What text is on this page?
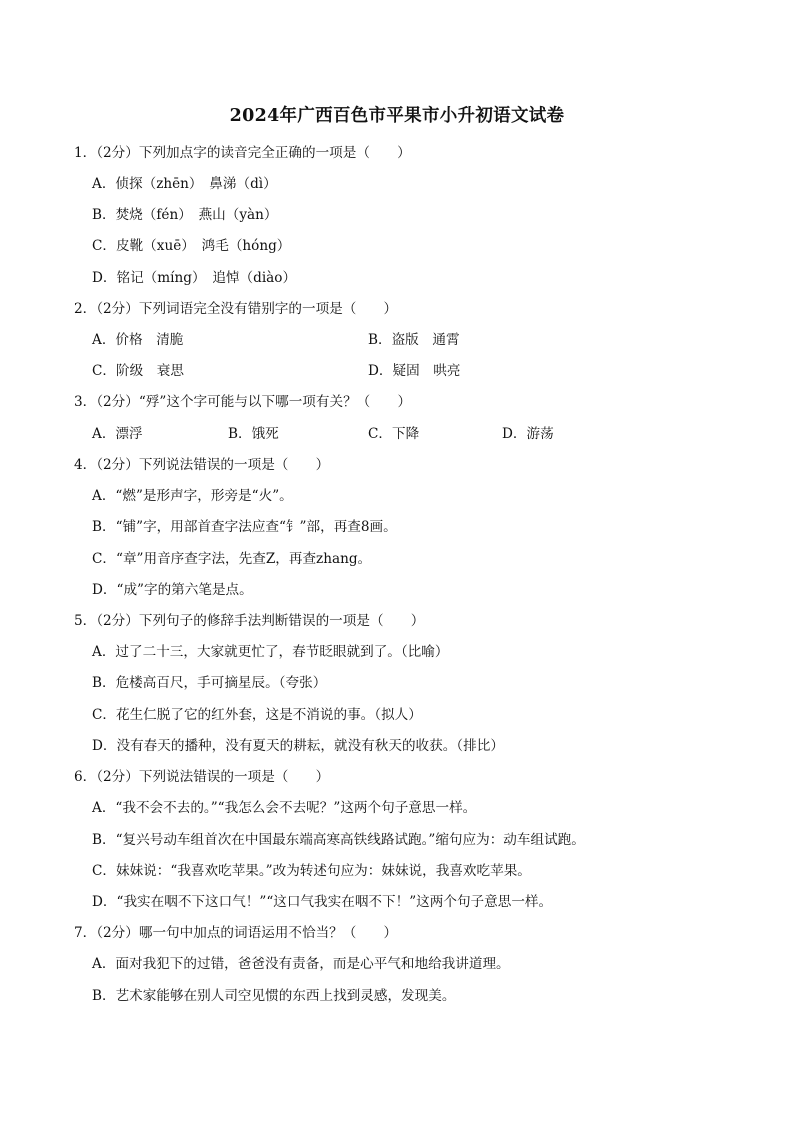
2024年广西百色市平果市小升初语文试卷
1．（2分）下列加点字的读音完全正确的一项是（　　）
A．侦探（zhēn）　鼻涕（dì）
B．焚烧（fén）　燕山（yàn）
C．皮靴（xuē）　鸿毛（hóng）
D．铭记（míng）　追悼（diào）
2．（2分）下列词语完全没有错别字的一项是（　　）
A．价格　清脆	B．盗版　通霄
C．阶级　衰思	D．疑固　哄亮
3．（2分）“殍”这个字可能与以下哪一项有关？（　　）
A．漂浮	B．饿死	C．下降	D．游荡
4．（2分）下列说法错误的一项是（　　）
A．“燃”是形声字，形旁是“火”。
B．“铺”字，用部首查字法应查“钅”部，再查8画。
C．“章”用音序查字法，先查Z，再查zhang。
D．“成”字的第六笔是点。
5．（2分）下列句子的修辞手法判断错误的一项是（　　）
A．过了二十三，大家就更忙了，春节眨眼就到了。（比喻）
B．危楼高百尺，手可摘星辰。（夸张）
C．花生仁脱了它的红外套，这是不消说的事。（拟人）
D．没有春天的播种，没有夏天的耕耘，就没有秋天的收获。（排比）
6．（2分）下列说法错误的一项是（　　）
A．“我不会不去的。”“我怎么会不去呢？”这两个句子意思一样。
B．“复兴号动车组首次在中国最东端高寒高铁线路试跑。”缩句应为：动车组试跑。
C．妹妹说：“我喜欢吃苹果。”改为转述句应为：妹妹说，我喜欢吃苹果。
D．“我实在咽不下这口气！”“这口气我实在咽不下！”这两个句子意思一样。
7．（2分）哪一句中加点的词语运用不恰当？（　　）
A．面对我犯下的过错，爸爸没有责备，而是心平气和地给我讲道理。
B．艺术家能够在别人司空见惯的东西上找到灵感，发现美。
